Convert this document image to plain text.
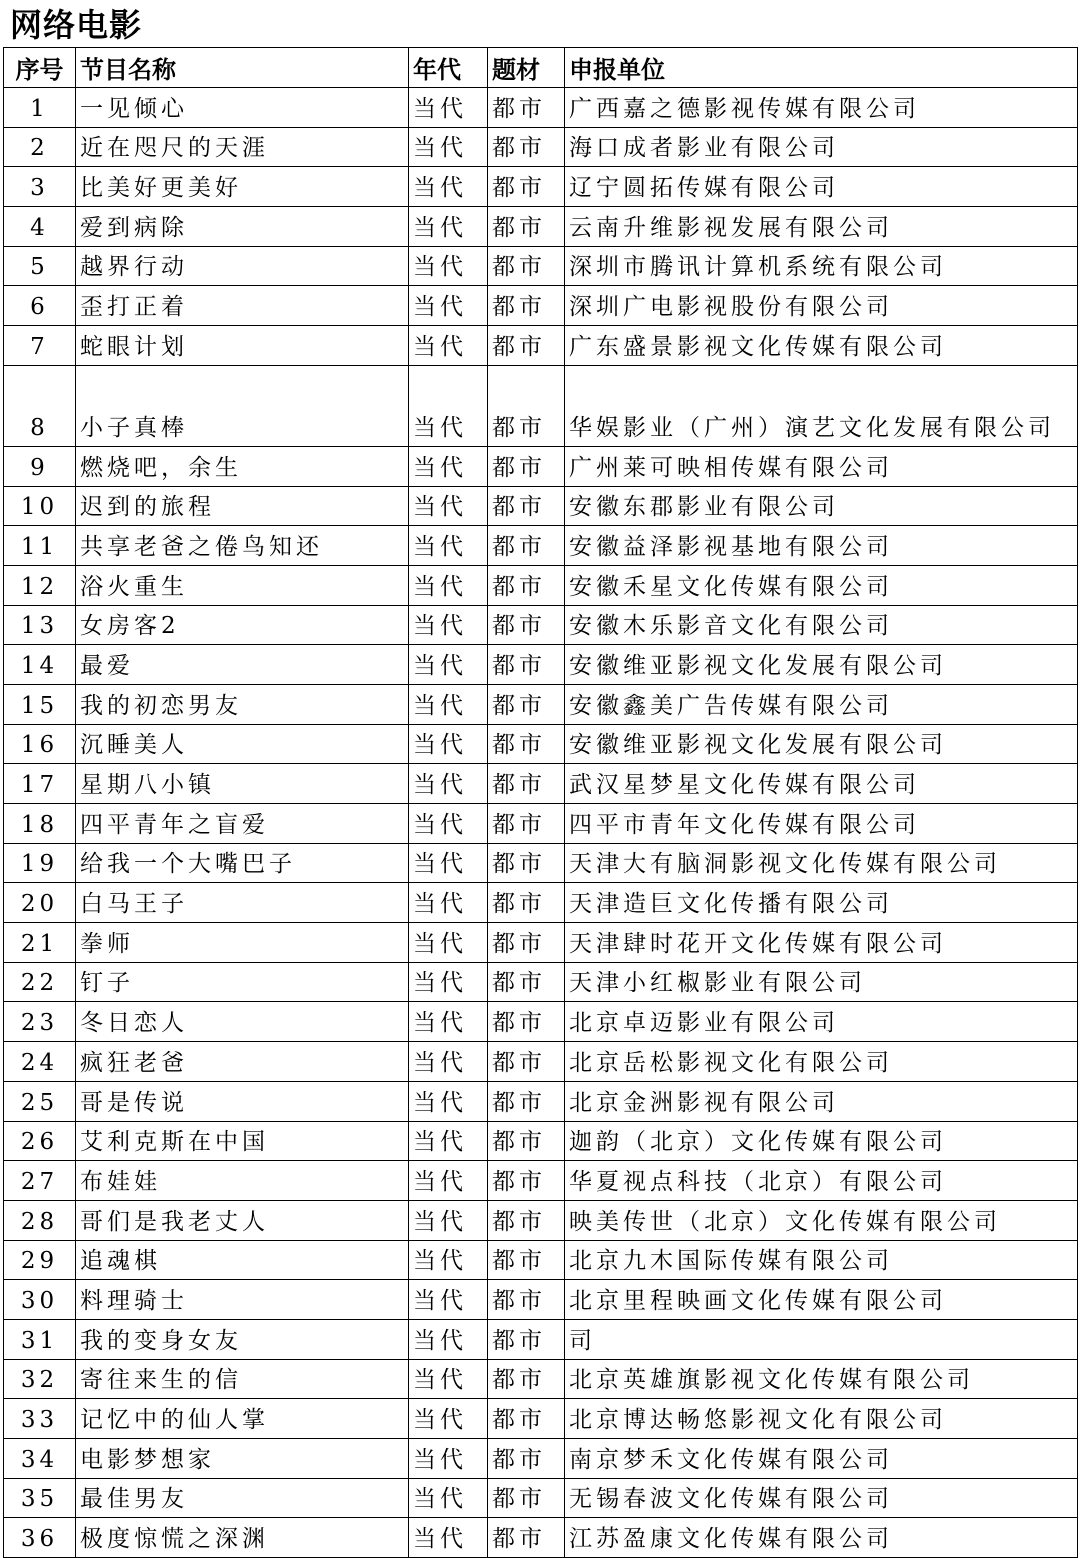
网络电影
序号	节目名称	年代	题材	申报单位
1	一见倾心	当代	都市	广西嘉之德影视传媒有限公司
2	近在咫尺的天涯	当代	都市	海口成者影业有限公司
3	比美好更美好	当代	都市	辽宁圆拓传媒有限公司
4	爱到病除	当代	都市	云南升维影视发展有限公司
5	越界行动	当代	都市	深圳市腾讯计算机系统有限公司
6	歪打正着	当代	都市	深圳广电影视股份有限公司
7	蛇眼计划	当代	都市	广东盛景影视文化传媒有限公司
8	小子真棒	当代	都市	华娱影业（广州）演艺文化发展有限公司
9	燃烧吧，余生	当代	都市	广州莱可映相传媒有限公司
10	迟到的旅程	当代	都市	安徽东郡影业有限公司
11	共享老爸之倦鸟知还	当代	都市	安徽益泽影视基地有限公司
12	浴火重生	当代	都市	安徽禾星文化传媒有限公司
13	女房客2	当代	都市	安徽木乐影音文化有限公司
14	最爱	当代	都市	安徽维亚影视文化发展有限公司
15	我的初恋男友	当代	都市	安徽鑫美广告传媒有限公司
16	沉睡美人	当代	都市	安徽维亚影视文化发展有限公司
17	星期八小镇	当代	都市	武汉星梦星文化传媒有限公司
18	四平青年之盲爱	当代	都市	四平市青年文化传媒有限公司
19	给我一个大嘴巴子	当代	都市	天津大有脑洞影视文化传媒有限公司
20	白马王子	当代	都市	天津造巨文化传播有限公司
21	拳师	当代	都市	天津肆时花开文化传媒有限公司
22	钉子	当代	都市	天津小红椒影业有限公司
23	冬日恋人	当代	都市	北京卓迈影业有限公司
24	疯狂老爸	当代	都市	北京岳松影视文化有限公司
25	哥是传说	当代	都市	北京金洲影视有限公司
26	艾利克斯在中国	当代	都市	迦韵（北京）文化传媒有限公司
27	布娃娃	当代	都市	华夏视点科技（北京）有限公司
28	哥们是我老丈人	当代	都市	映美传世（北京）文化传媒有限公司
29	追魂棋	当代	都市	北京九木国际传媒有限公司
30	料理骑士	当代	都市	北京里程映画文化传媒有限公司
31	我的变身女友	当代	都市	司
32	寄往来生的信	当代	都市	北京英雄旗影视文化传媒有限公司
33	记忆中的仙人掌	当代	都市	北京博达畅悠影视文化有限公司
34	电影梦想家	当代	都市	南京梦禾文化传媒有限公司
35	最佳男友	当代	都市	无锡春波文化传媒有限公司
36	极度惊慌之深渊	当代	都市	江苏盈康文化传媒有限公司
